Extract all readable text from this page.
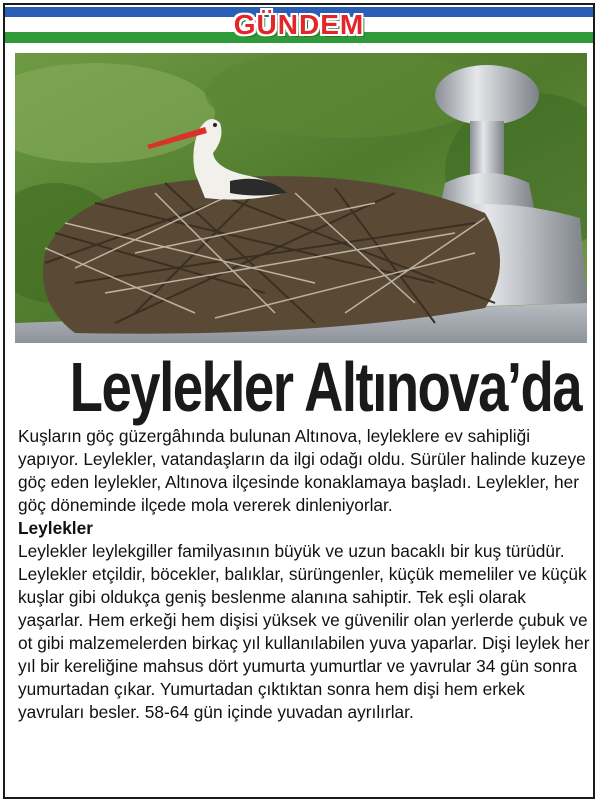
GÜNDEM
Leylekler Altınova’da

Kuşların göç güzergâhında bulunan Altınova, leyleklere ev sahipliği yapıyor. Leylekler, vatandaşların da ilgi odağı oldu. Sürüler halinde kuzeye göç eden leylekler, Altınova ilçesinde konaklamaya başladı. Leylekler, her göç döneminde ilçede mola vererek dinleniyorlar.

Leylekler

Leylekler leylekgiller familyasının büyük ve uzun bacaklı bir kuş türüdür. Leylekler etçildir, böcekler, balıklar, sürüngenler, küçük memeliler ve küçük kuşlar gibi oldukça geniş beslenme alanına sahiptir. Tek eşli olarak yaşarlar. Hem erkeği hem dişisi yüksek ve güvenilir olan yerlerde çubuk ve ot gibi malzemelerden birkaç yıl kullanılabilen yuva yaparlar. Dişi leylek her yıl bir kereliğine mahsus dört yumurta yumurtlar ve yavrular 34 gün sonra yumurtadan çıkar. Yumurtadan çıktıktan sonra hem dişi hem erkek yavruları besler. 58-64 gün içinde yuvadan ayrılırlar.
